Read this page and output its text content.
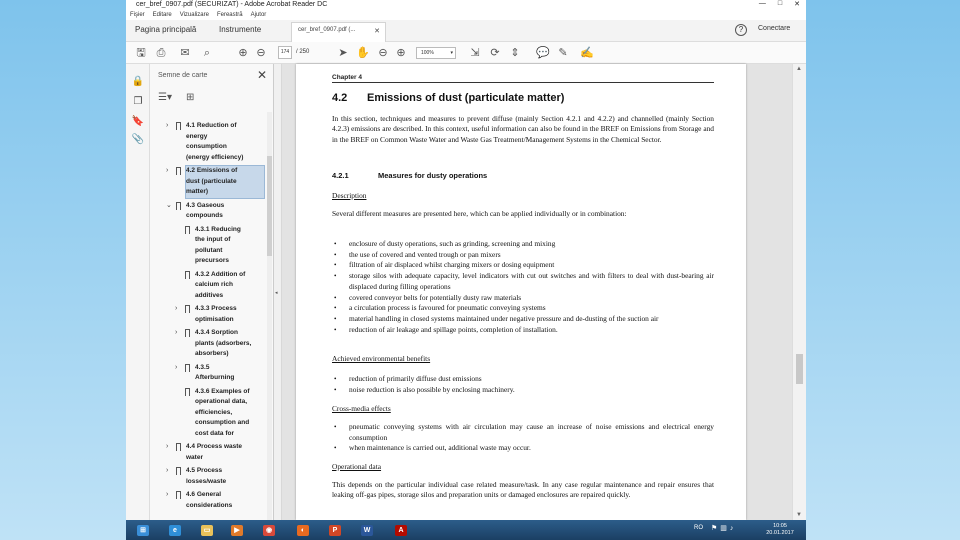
cer_bref_0907.pdf (SECURIZAT) - Adobe Acrobat Reader DC	— □ ✕
Fişier Editare Vizualizare Fereastră Ajutor
Pagina principală	Instrumente	cer_bref_0907.pdf (...	✕	?	Conectare
🖫 ⎙ ✉	⌕	⊕ ⊖	174	/ 250	➤ ✋ ⊖ ⊕	100%	▾ ⇲ ⟳ ⇕ 💬 ✎ ✍
🔒
❐
🔖
📎
Semne de carte	✕
☰▾ ⊞
›	4.1 Reduction of
energy
consumption
(energy efficiency)
›	4.2 Emissions of
dust (particulate
matter)
⌄ 4.3 Gaseous
compounds
4.3.1 Reducing
the input of
pollutant
precursors
4.3.2 Addition of
calcium rich
additives
›	4.3.3 Process
optimisation
›	4.3.4 Sorption
plants (adsorbers,
absorbers)
›	4.3.5
Afterburning
4.3.6 Examples of
operational data,
efficiencies,
consumption and
cost data for
›	4.4 Process waste
water
›	4.5 Process
losses/waste
›	4.6 General
considerations
◂
Chapter 4
4.2 Emissions of dust (particulate matter)
In this section, techniques and measures to prevent diffuse (mainly Section 4.2.1 and 4.2.2) and channelled (mainly Section 4.2.3) emissions are described. In this context, useful information can also be found in the BREF on Emissions from Storage and in the BREF on Common Waste Water and Waste Gas Treatment/Management Systems in the Chemical Sector.
4.2.1	Measures for dusty operations
Description
Several different measures are presented here, which can be applied individually or in combination:
• enclosure of dusty operations, such as grinding, screening and mixing
• the use of covered and vented trough or pan mixers
• filtration of air displaced whilst charging mixers or dosing equipment
• storage silos with adequate capacity, level indicators with cut out switches and with filters to deal with dust-bearing air displaced during filling operations
• covered conveyor belts for potentially dusty raw materials
• a circulation process is favoured for pneumatic conveying systems
• material handling in closed systems maintained under negative pressure and de-dusting of the suction air
• reduction of air leakage and spillage points, completion of installation.
Achieved environmental benefits
• reduction of primarily diffuse dust emissions
• noise reduction is also possible by enclosing machinery.
Cross-media effects
• pneumatic conveying systems with air circulation may cause an increase of noise emissions and electrical energy consumption
• when maintenance is carried out, additional waste may occur.
Operational data
This depends on the particular individual case related measure/task. In any case regular maintenance and repair ensures that leaking off-gas pipes, storage silos and preparation units or damaged enclosures are repaired quickly.
▲
▼
⊞	e	▭	▶	◉	◐	P	W	A	RO ⚑▥♪	10:05
20.01.2017
